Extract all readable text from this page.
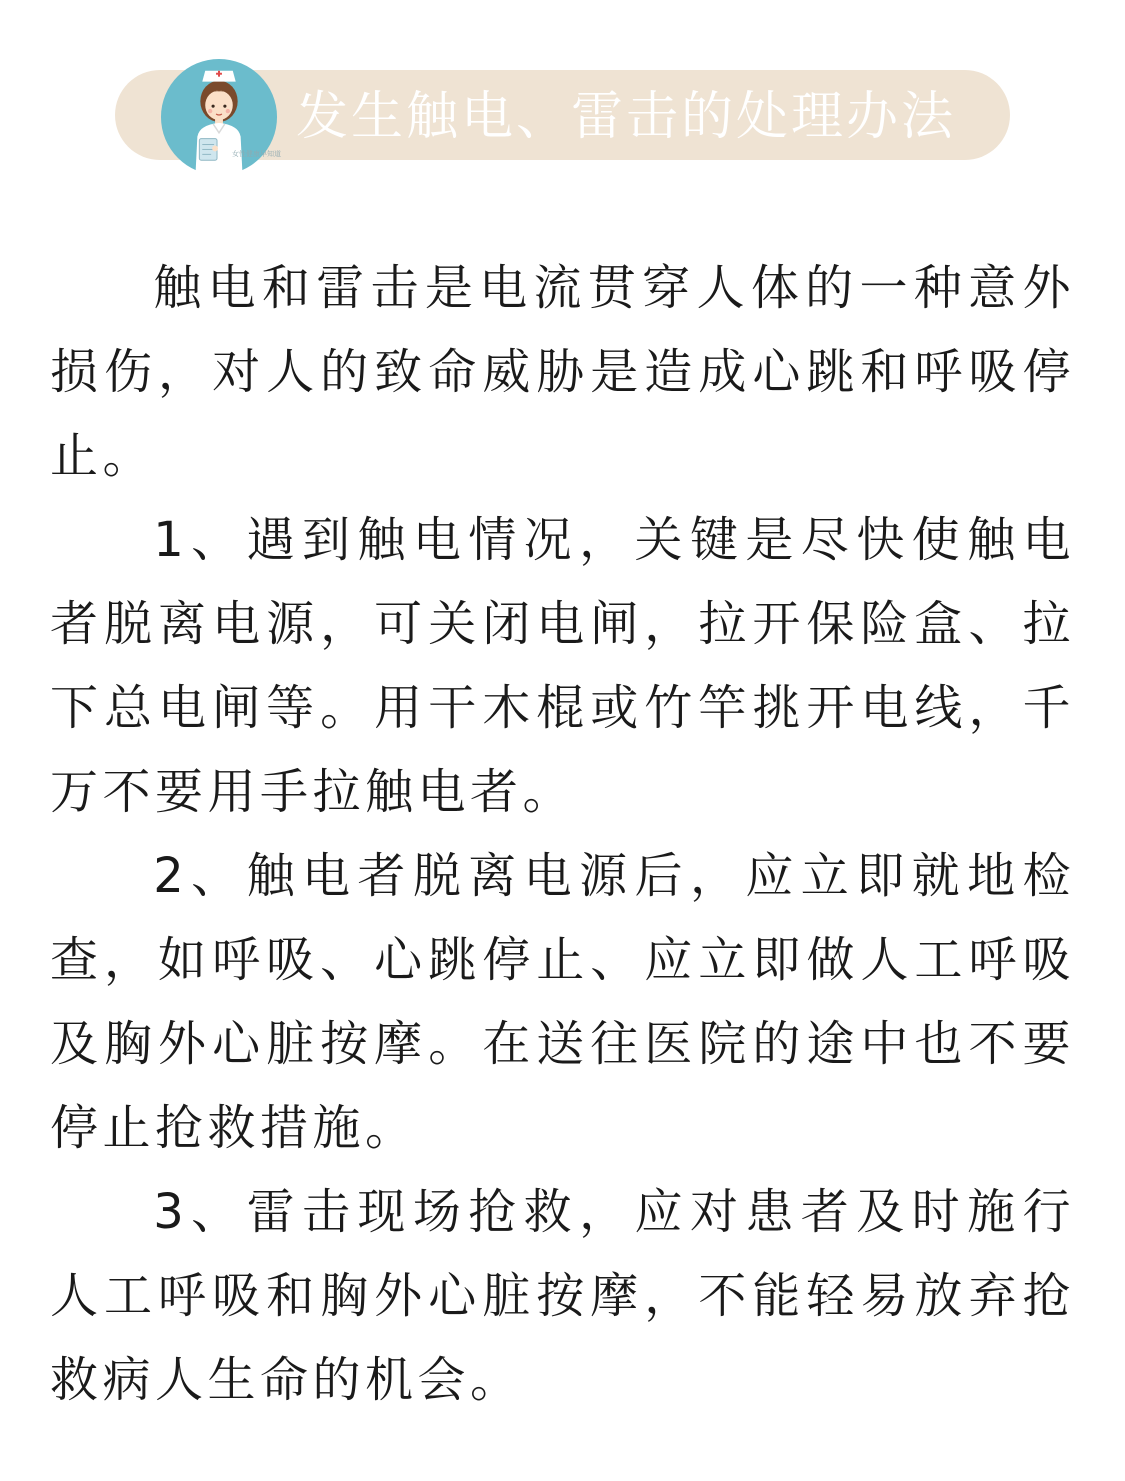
发生触电、雷击的处理办法
女性健康早知道

触电和雷击是电流贯穿人体的一种意外损伤，对人的致命威胁是造成心跳和呼吸停止。

1、遇到触电情况，关键是尽快使触电者脱离电源，可关闭电闸，拉开保险盒、拉下总电闸等。用干木棍或竹竿挑开电线，千万不要用手拉触电者。

2、触电者脱离电源后，应立即就地检查，如呼吸、心跳停止、应立即做人工呼吸及胸外心脏按摩。在送往医院的途中也不要停止抢救措施。

3、雷击现场抢救，应对患者及时施行人工呼吸和胸外心脏按摩，不能轻易放弃抢救病人生命的机会。
